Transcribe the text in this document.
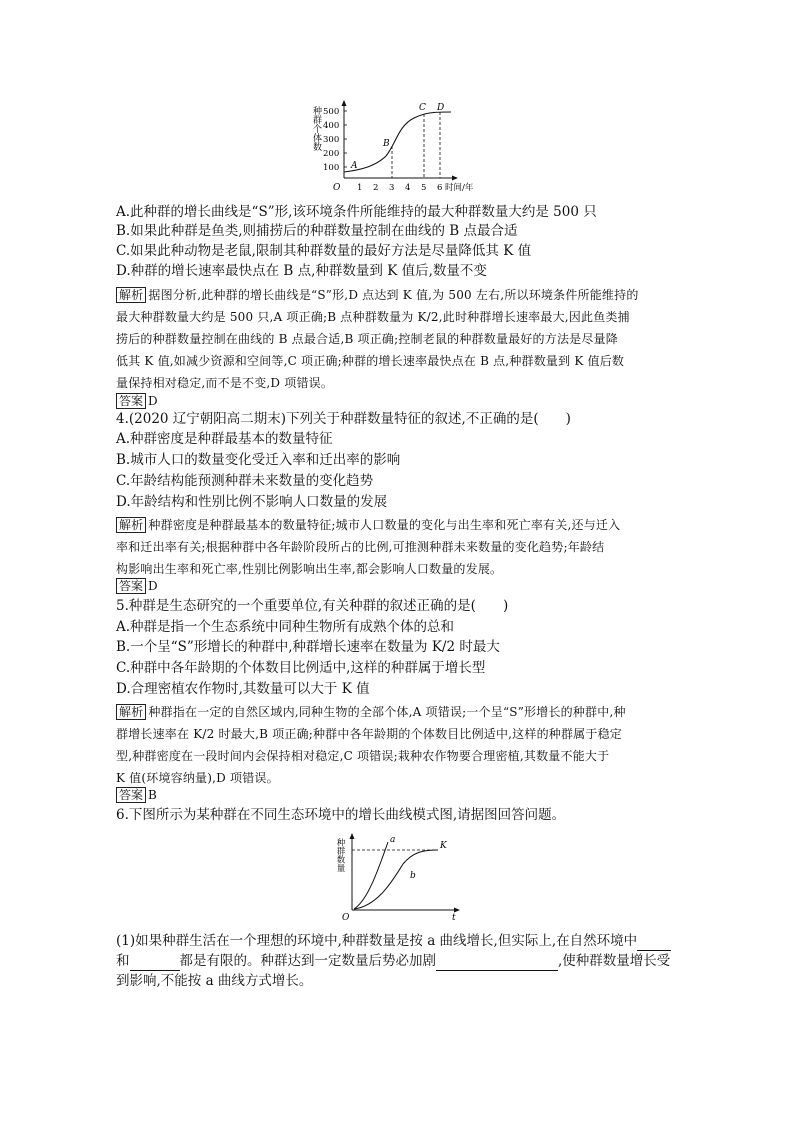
种群个体数
100
200
300
400
500
1 2 3 4 5 6 时间/年
O
A
B
C D
A.此种群的增长曲线是“S”形,该环境条件所能维持的最大种群数量大约是 500 只
B.如果此种群是鱼类,则捕捞后的种群数量控制在曲线的 B 点最合适
C.如果此种动物是老鼠,限制其种群数量的最好方法是尽量降低其 K 值
D.种群的增长速率最快点在 B 点,种群数量到 K 值后,数量不变
解析 据图分析,此种群的增长曲线是“S”形,D 点达到 K 值,为 500 左右,所以环境条件所能维持的
最大种群数量大约是 500 只,A 项正确;B 点种群数量为 K/2,此时种群增长速率最大,因此鱼类捕
捞后的种群数量控制在曲线的 B 点最合适,B 项正确;控制老鼠的种群数量最好的方法是尽量降
低其 K 值,如减少资源和空间等,C 项正确;种群的增长速率最快点在 B 点,种群数量到 K 值后数
量保持相对稳定,而不是不变,D 项错误。
答案 D
4.(2020 辽宁朝阳高二期末)下列关于种群数量特征的叙述,不正确的是(　　)
A.种群密度是种群最基本的数量特征
B.城市人口的数量变化受迁入率和迁出率的影响
C.年龄结构能预测种群未来数量的变化趋势
D.年龄结构和性别比例不影响人口数量的发展
解析 种群密度是种群最基本的数量特征;城市人口数量的变化与出生率和死亡率有关,还与迁入
率和迁出率有关;根据种群中各年龄阶段所占的比例,可推测种群未来数量的变化趋势;年龄结
构影响出生率和死亡率,性别比例影响出生率,都会影响人口数量的发展。
答案 D
5.种群是生态研究的一个重要单位,有关种群的叙述正确的是(　　)
A.种群是指一个生态系统中同种生物所有成熟个体的总和
B.一个呈“S”形增长的种群中,种群增长速率在数量为 K/2 时最大
C.种群中各年龄期的个体数目比例适中,这样的种群属于增长型
D.合理密植农作物时,其数量可以大于 K 值
解析 种群指在一定的自然区域内,同种生物的全部个体,A 项错误;一个呈“S”形增长的种群中,种
群增长速率在 K/2 时最大,B 项正确;种群中各年龄期的个体数目比例适中,这样的种群属于稳定
型,种群密度在一段时间内会保持相对稳定,C 项错误;栽种农作物要合理密植,其数量不能大于
K 值(环境容纳量),D 项错误。
答案 B
6.下图所示为某种群在不同生态环境中的增长曲线模式图,请据图回答问题。
种群数量
O	t
a
b
K
(1)如果种群生活在一个理想的环境中,种群数量是按 a 曲线增长,但实际上,在自然环境中
和	都是有限的。种群达到一定数量后势必加剧	,使种群数量增长受
到影响,不能按 a 曲线方式增长。
